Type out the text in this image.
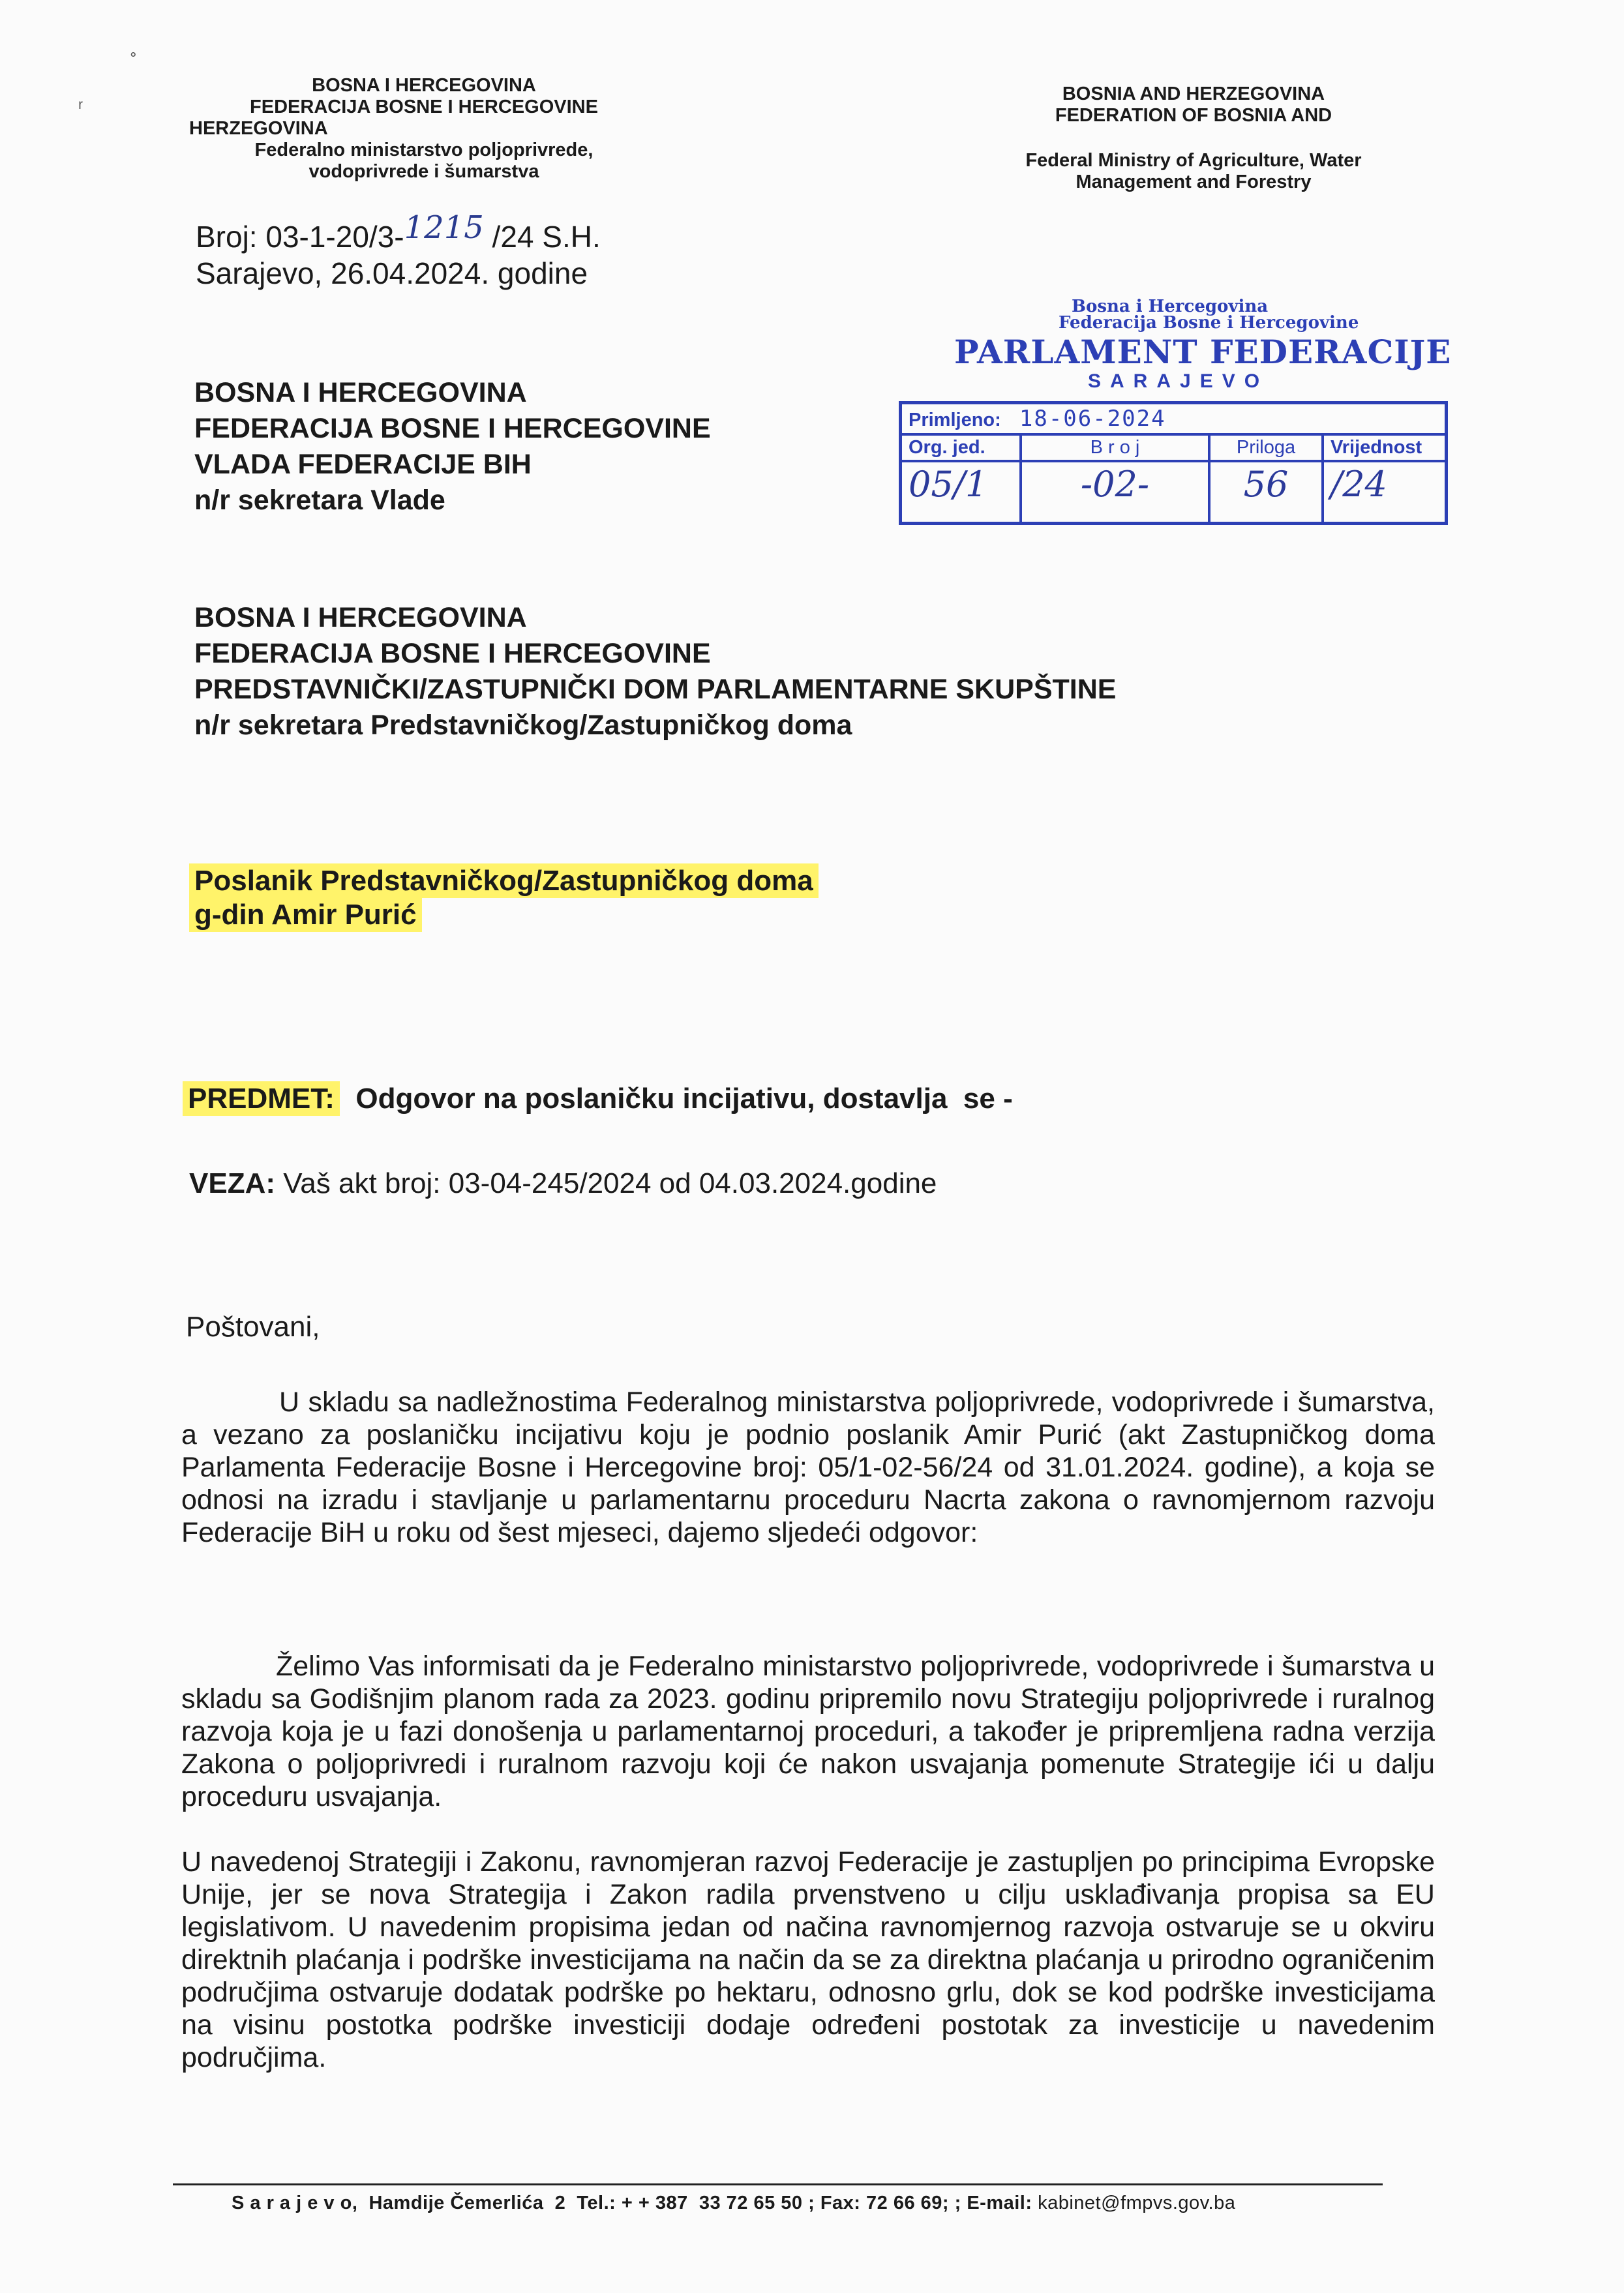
BOSNA I HERCEGOVINA
FEDERACIJA BOSNE I HERCEGOVINE
HERZEGOVINA
Federalno ministarstvo poljoprivrede,
vodoprivrede i šumarstva
BOSNIA AND HERZEGOVINA
FEDERATION OF BOSNIA AND
Federal Ministry of Agriculture, Water
Management and Forestry
˚
ʳ
Broj: 03-1-20/3-1215 /24 S.H.
Sarajevo, 26.04.2024. godine
Bosna i Hercegovina
Federacija Bosne i Hercegovine
PARLAMENT FEDERACIJE
SARAJEVO
Primljeno: 18-06-2024			
Org. jed.	B r o j	Priloga	Vrijednost
05/1	-02-	56	/24
BOSNA I HERCEGOVINA
FEDERACIJA BOSNE I HERCEGOVINE
VLADA FEDERACIJE BIH
n/r sekretara Vlade
BOSNA I HERCEGOVINA
FEDERACIJA BOSNE I HERCEGOVINE
PREDSTAVNIČKI/ZASTUPNIČKI DOM PARLAMENTARNE SKUPŠTINE
n/r sekretara Predstavničkog/Zastupničkog doma
Poslanik Predstavničkog/Zastupničkog doma
g-din Amir Purić
PREDMET:  Odgovor na poslaničku incijativu, dostavlja  se -
VEZA: Vaš akt broj: 03-04-245/2024 od 04.03.2024.godine
Poštovani,
U skladu sa nadležnostima Federalnog ministarstva poljoprivrede, vodoprivrede i šumarstva, a vezano za poslaničku incijativu koju je podnio poslanik Amir Purić (akt Zastupničkog doma Parlamenta Federacije Bosne i Hercegovine broj: 05/1-02-56/24 od 31.01.2024. godine), a koja se odnosi na izradu i stavljanje u parlamentarnu proceduru Nacrta zakona o ravnomjernom razvoju Federacije BiH u roku od šest mjeseci, dajemo sljedeći odgovor:
Želimo Vas informisati da je Federalno ministarstvo poljoprivrede, vodoprivrede i šumarstva u skladu sa Godišnjim planom rada za 2023. godinu pripremilo novu Strategiju poljoprivrede i ruralnog razvoja koja je u fazi donošenja u parlamentarnoj proceduri, a također je pripremljena radna verzija Zakona o poljoprivredi i ruralnom razvoju koji će nakon usvajanja pomenute Strategije ići u dalju proceduru usvajanja.
U navedenoj Strategiji i Zakonu, ravnomjeran razvoj Federacije je zastupljen po principima Evropske Unije, jer se nova Strategija i Zakon radila prvenstveno u cilju usklađivanja propisa sa EU legislativom. U navedenim propisima jedan od načina ravnomjernog razvoja ostvaruje se u okviru direktnih plaćanja i podrške investicijama na način da se za direktna plaćanja u prirodno ograničenim područjima ostvaruje dodatak podrške po hektaru, odnosno grlu, dok se kod podrške investicijama na visinu postotka podrške investiciji dodaje određeni postotak za investicije u navedenim područjima.
S a r a j e v o,  Hamdije Čemerlića  2  Tel.: + + 387  33 72 65 50 ; Fax: 72 66 69; ; E-mail: kabinet@fmpvs.gov.ba
